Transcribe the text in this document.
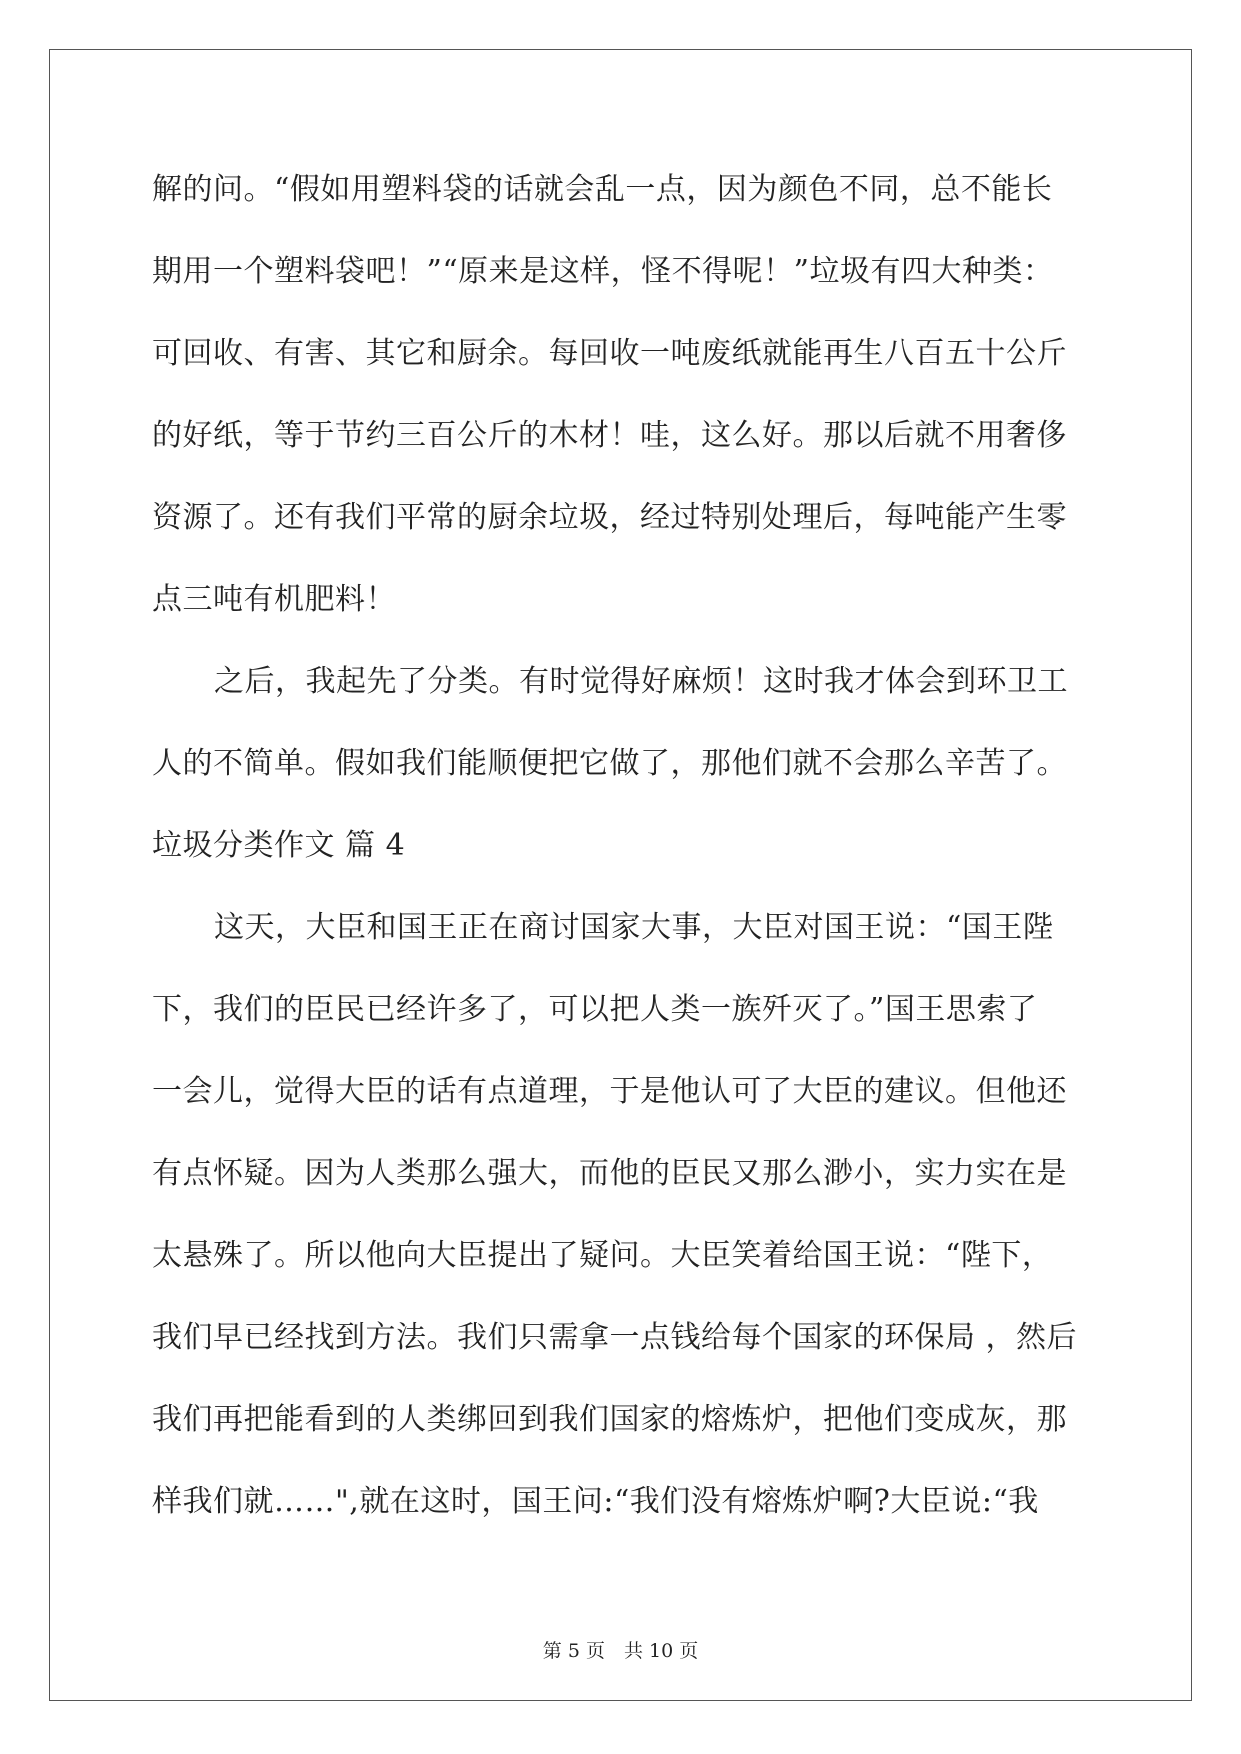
解的问。“假如用塑料袋的话就会乱一点，因为颜色不同，总不能长
期用一个塑料袋吧！”“原来是这样，怪不得呢！”垃圾有四大种类：
可回收、有害、其它和厨余。每回收一吨废纸就能再生八百五十公斤
的好纸，等于节约三百公斤的木材！哇，这么好。那以后就不用奢侈
资源了。还有我们平常的厨余垃圾，经过特别处理后，每吨能产生零
点三吨有机肥料！
之后，我起先了分类。有时觉得好麻烦！这时我才体会到环卫工
人的不简单。假如我们能顺便把它做了，那他们就不会那么辛苦了。
垃圾分类作文 篇 4
这天，大臣和国王正在商讨国家大事，大臣对国王说：“国王陛
下，我们的臣民已经许多了，可以把人类一族歼灭了。”国王思索了
一会儿，觉得大臣的话有点道理，于是他认可了大臣的建议。但他还
有点怀疑。因为人类那么强大，而他的臣民又那么渺小，实力实在是
太悬殊了。所以他向大臣提出了疑问。大臣笑着给国王说：“陛下，
我们早已经找到方法。我们只需拿一点钱给每个国家的环保局 ，然后
我们再把能看到的人类绑回到我们国家的熔炼炉，把他们变成灰，那
样我们就……",就在这时，国王问:“我们没有熔炼炉啊?大臣说:“我
第 5 页　共 10 页
